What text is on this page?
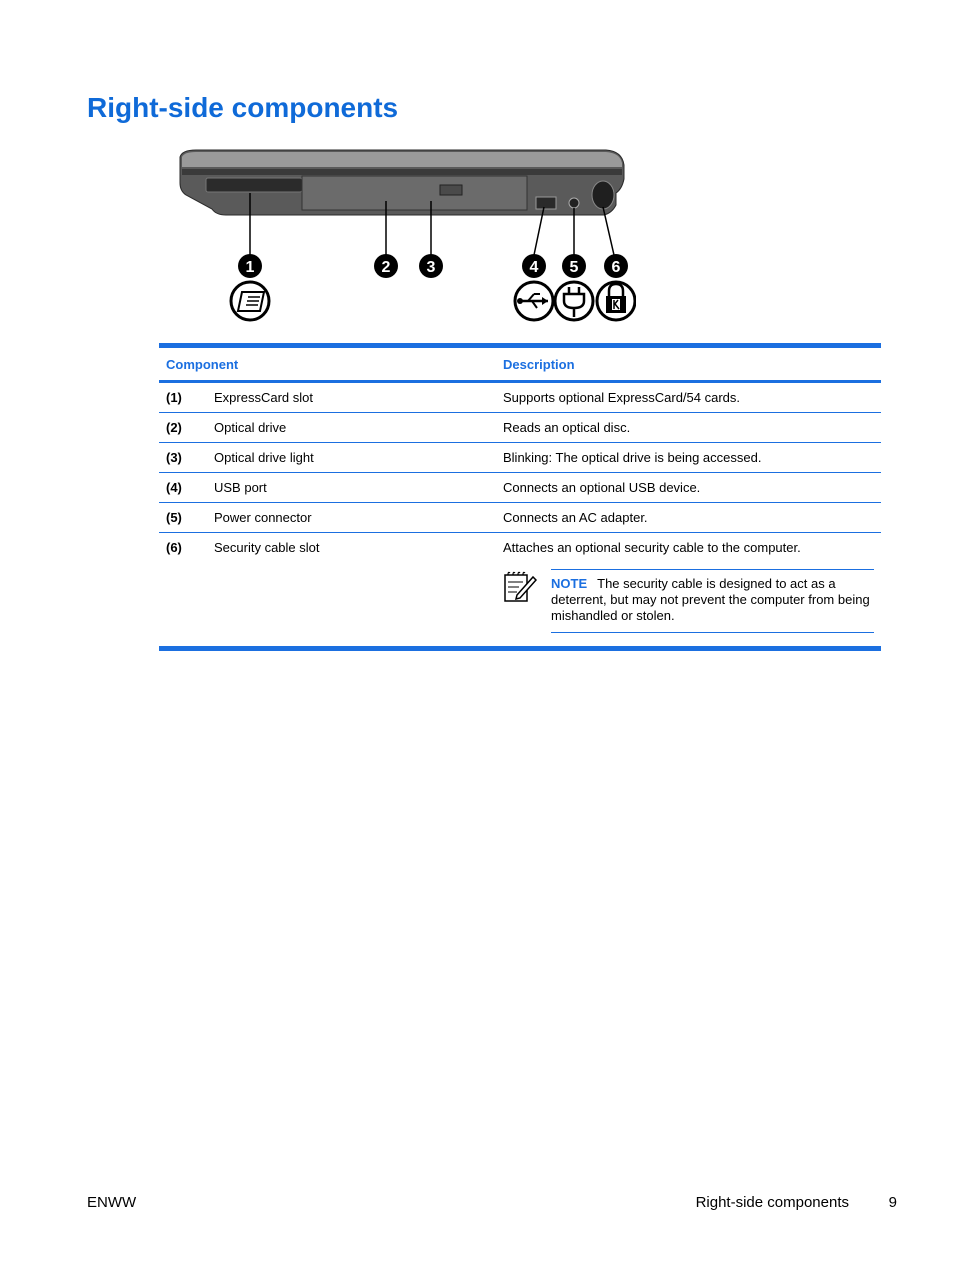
Right-side components
1	2 3	4 5 6
Component		Description
(1)	ExpressCard slot	Supports optional ExpressCard/54 cards.
(2)	Optical drive	Reads an optical disc.
(3)	Optical drive light	Blinking: The optical drive is being accessed.
(4)	USB port	Connects an optional USB device.
(5)	Power connector	Connects an AC adapter.
(6)	Security cable slot	Attaches an optional security cable to the computer.
NOTE The security cable is designed to act as a deterrent, but may not prevent the computer from being mishandled or stolen.
ENWW	Right-side components	9
